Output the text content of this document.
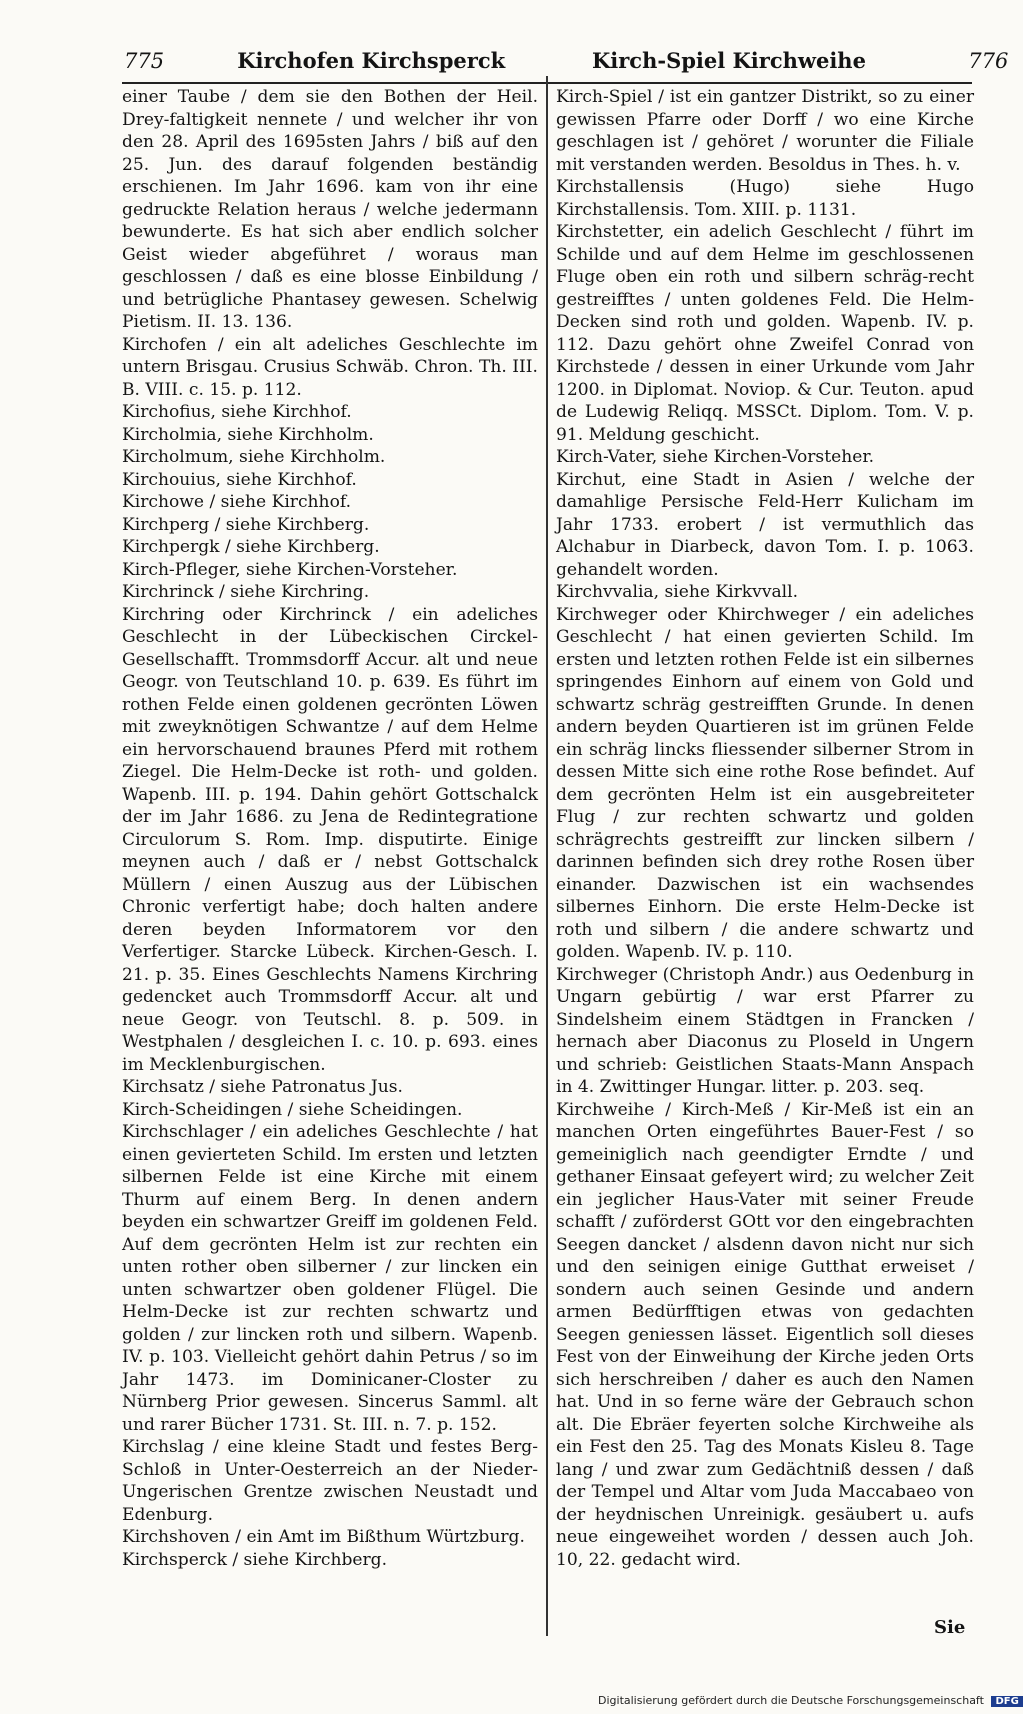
775	Kirchofen Kirchsperck	Kirch-Spiel Kirchweihe	776

einer Taube / dem sie den Bothen der Heil. Drey-faltigkeit nennete / und welcher ihr von den 28. April des 1695sten Jahrs / biß auf den 25. Jun. des darauf folgenden beständig erschienen. Im Jahr 1696. kam von ihr eine gedruckte Relation heraus / welche jedermann bewunderte. Es hat sich aber endlich solcher Geist wieder abgeführet / woraus man geschlossen / daß es eine blosse Einbildung / und betrügliche Phantasey gewesen. Schelwig Pietism. II. 13. 136.

Kirchofen / ein alt adeliches Geschlechte im untern Brisgau. Crusius Schwäb. Chron. Th. III. B. VIII. c. 15. p. 112.

Kirchofius, siehe Kirchhof.

Kircholmia, siehe Kirchholm.

Kircholmum, siehe Kirchholm.

Kirchouius, siehe Kirchhof.

Kirchowe / siehe Kirchhof.

Kirchperg / siehe Kirchberg.

Kirchpergk / siehe Kirchberg.

Kirch-Pfleger, siehe Kirchen-Vorsteher.

Kirchrinck / siehe Kirchring.

Kirchring oder Kirchrinck / ein adeliches Geschlecht in der Lübeckischen Circkel-Gesellschafft. Trommsdorff Accur. alt und neue Geogr. von Teutschland 10. p. 639. Es führt im rothen Felde einen goldenen gecrönten Löwen mit zweyknötigen Schwantze / auf dem Helme ein hervorschauend braunes Pferd mit rothem Ziegel. Die Helm-Decke ist roth- und golden. Wapenb. III. p. 194. Dahin gehört Gottschalck der im Jahr 1686. zu Jena de Redintegratione Circulorum S. Rom. Imp. disputirte. Einige meynen auch / daß er / nebst Gottschalck Müllern / einen Auszug aus der Lübischen Chronic verfertigt habe; doch halten andere deren beyden Informatorem vor den Verfertiger. Starcke Lübeck. Kirchen-Gesch. I. 21. p. 35. Eines Geschlechts Namens Kirchring gedencket auch Trommsdorff Accur. alt und neue Geogr. von Teutschl. 8. p. 509. in Westphalen / desgleichen I. c. 10. p. 693. eines im Mecklenburgischen.

Kirchsatz / siehe Patronatus Jus.

Kirch-Scheidingen / siehe Scheidingen.

Kirchschlager / ein adeliches Geschlechte / hat einen gevierteten Schild. Im ersten und letzten silbernen Felde ist eine Kirche mit einem Thurm auf einem Berg. In denen andern beyden ein schwartzer Greiff im goldenen Feld. Auf dem gecrönten Helm ist zur rechten ein unten rother oben silberner / zur lincken ein unten schwartzer oben goldener Flügel. Die Helm-Decke ist zur rechten schwartz und golden / zur lincken roth und silbern. Wapenb. IV. p. 103. Vielleicht gehört dahin Petrus / so im Jahr 1473. im Dominicaner-Closter zu Nürnberg Prior gewesen. Sincerus Samml. alt und rarer Bücher 1731. St. III. n. 7. p. 152.

Kirchslag / eine kleine Stadt und festes Berg-Schloß in Unter-Oesterreich an der Nieder-Ungerischen Grentze zwischen Neustadt und Edenburg.

Kirchshoven / ein Amt im Bißthum Würtzburg.

Kirchsperck / siehe Kirchberg.

Kirch-Spiel / ist ein gantzer Distrikt, so zu einer gewissen Pfarre oder Dorff / wo eine Kirche geschlagen ist / gehöret / worunter die Filiale mit verstanden werden. Besoldus in Thes. h. v.

Kirchstallensis (Hugo) siehe Hugo Kirchstallensis. Tom. XIII. p. 1131.

Kirchstetter, ein adelich Geschlecht / führt im Schilde und auf dem Helme im geschlossenen Fluge oben ein roth und silbern schräg-recht gestreifftes / unten goldenes Feld. Die Helm-Decken sind roth und golden. Wapenb. IV. p. 112. Dazu gehört ohne Zweifel Conrad von Kirchstede / dessen in einer Urkunde vom Jahr 1200. in Diplomat. Noviop. & Cur. Teuton. apud de Ludewig Reliqq. MSSCt. Diplom. Tom. V. p. 91. Meldung geschicht.

Kirch-Vater, siehe Kirchen-Vorsteher.

Kirchut, eine Stadt in Asien / welche der damahlige Persische Feld-Herr Kulicham im Jahr 1733. erobert / ist vermuthlich das Alchabur in Diarbeck, davon Tom. I. p. 1063. gehandelt worden.

Kirchvvalia, siehe Kirkvvall.

Kirchweger oder Khirchweger / ein adeliches Geschlecht / hat einen gevierten Schild. Im ersten und letzten rothen Felde ist ein silbernes springendes Einhorn auf einem von Gold und schwartz schräg gestreifften Grunde. In denen andern beyden Quartieren ist im grünen Felde ein schräg lincks fliessender silberner Strom in dessen Mitte sich eine rothe Rose befindet. Auf dem gecrönten Helm ist ein ausgebreiteter Flug / zur rechten schwartz und golden schrägrechts gestreifft zur lincken silbern / darinnen befinden sich drey rothe Rosen über einander. Dazwischen ist ein wachsendes silbernes Einhorn. Die erste Helm-Decke ist roth und silbern / die andere schwartz und golden. Wapenb. IV. p. 110.

Kirchweger (Christoph Andr.) aus Oedenburg in Ungarn gebürtig / war erst Pfarrer zu Sindelsheim einem Städtgen in Francken / hernach aber Diaconus zu Ploseld in Ungern und schrieb: Geistlichen Staats-Mann Anspach in 4. Zwittinger Hungar. litter. p. 203. seq.

Kirchweihe / Kirch-Meß / Kir-Meß ist ein an manchen Orten eingeführtes Bauer-Fest / so gemeiniglich nach geendigter Erndte / und gethaner Einsaat gefeyert wird; zu welcher Zeit ein jeglicher Haus-Vater mit seiner Freude schafft / zuförderst GOtt vor den eingebrachten Seegen dancket / alsdenn davon nicht nur sich und den seinigen einige Gutthat erweiset / sondern auch seinen Gesinde und andern armen Bedürfftigen etwas von gedachten Seegen geniessen lässet. Eigentlich soll dieses Fest von der Einweihung der Kirche jeden Orts sich herschreiben / daher es auch den Namen hat. Und in so ferne wäre der Gebrauch schon alt. Die Ebräer feyerten solche Kirchweihe als ein Fest den 25. Tag des Monats Kisleu 8. Tage lang / und zwar zum Gedächtniß dessen / daß der Tempel und Altar vom Juda Maccabaeo von der heydnischen Unreinigk. gesäubert u. aufs neue eingeweihet worden / dessen auch Joh. 10, 22. gedacht wird.

Sie
Digitalisierung gefördert durch die Deutsche Forschungsgemeinschaft DFG
